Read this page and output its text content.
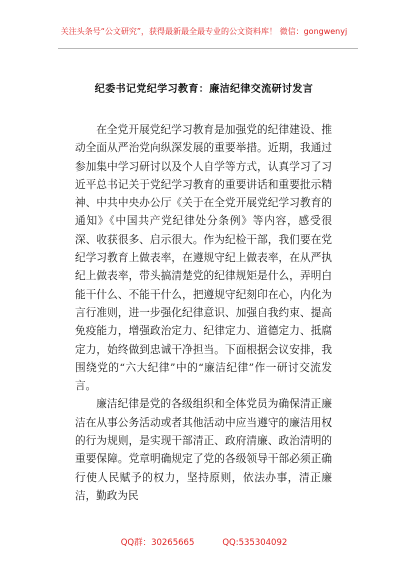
关注头条号“公文研究”，获得最新最全最专业的公文资料库！ 微信：gongwenyj
纪委书记党纪学习教育：廉洁纪律交流研讨发言

在全党开展党纪学习教育是加强党的纪律建设、推动全面从严治党向纵深发展的重要举措。近期，我通过参加集中学习研讨以及个人自学等方式，认真学习了习近平总书记关于党纪学习教育的重要讲话和重要批示精神、中共中央办公厅《关于在全党开展党纪学习教育的通知》《中国共产党纪律处分条例》等内容，感受很深、收获很多、启示很大。作为纪检干部，我们要在党纪学习教育上做表率，在遵规守纪上做表率，在从严执纪上做表率，带头搞清楚党的纪律规矩是什么，弄明白能干什么、不能干什么，把遵规守纪刻印在心，内化为言行准则，进一步强化纪律意识、加强自我约束、提高免疫能力，增强政治定力、纪律定力、道德定力、抵腐定力，始终做到忠诚干净担当。下面根据会议安排，我围绕党的“六大纪律”中的“廉洁纪律”作一研讨交流发言。

廉洁纪律是党的各级组织和全体党员为确保清正廉洁在从事公务活动或者其他活动中应当遵守的廉洁用权的行为规则，是实现干部清正、政府清廉、政治清明的重要保障。党章明确规定了党的各级领导干部必须正确行使人民赋予的权力，坚持原则，依法办事，清正廉洁，勤政为民

QQ群：30265665	QQ:535304092
